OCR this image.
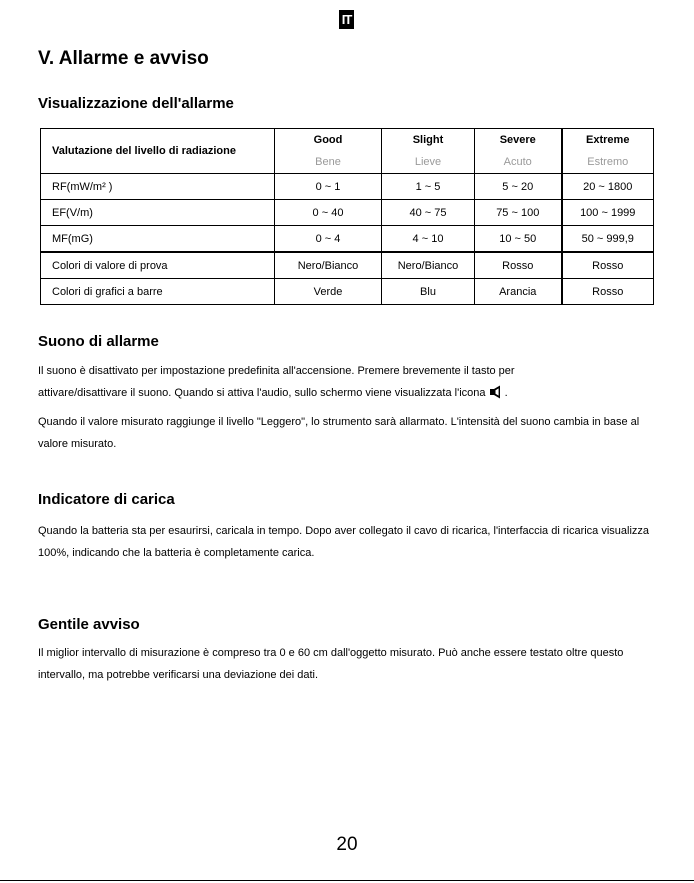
IT
V. Allarme e avviso
Visualizzazione dell'allarme
Valutazione del livello di radiazione	Good	Slight	Severe	Extreme
	Bene	Lieve	Acuto	Estremo
RF(mW/m² )	0 ~ 1	1 ~ 5	5 ~ 20	20 ~ 1800
EF(V/m)	0 ~ 40	40 ~ 75	75 ~ 100	100 ~ 1999
MF(mG)	0 ~ 4	4 ~ 10	10 ~ 50	50 ~ 999,9
Colori di valore di prova	Nero/Bianco	Nero/Bianco	Rosso	Rosso
Colori di grafici a barre	Verde	Blu	Arancia	Rosso
Suono di allarme
Il suono è disattivato per impostazione predefinita all'accensione. Premere brevemente il tasto per
attivare/disattivare il suono. Quando si attiva l'audio, sullo schermo viene visualizzata l'icona .

Quando il valore misurato raggiunge il livello "Leggero", lo strumento sarà allarmato. L'intensità del suono cambia in base al valore misurato.

Indicatore di carica

Quando la batteria sta per esaurirsi, caricala in tempo. Dopo aver collegato il cavo di ricarica, l'interfaccia di ricarica visualizza 100%, indicando che la batteria è completamente carica.

Gentile avviso

Il miglior intervallo di misurazione è compreso tra 0 e 60 cm dall'oggetto misurato. Può anche essere testato oltre questo intervallo, ma potrebbe verificarsi una deviazione dei dati.

20
